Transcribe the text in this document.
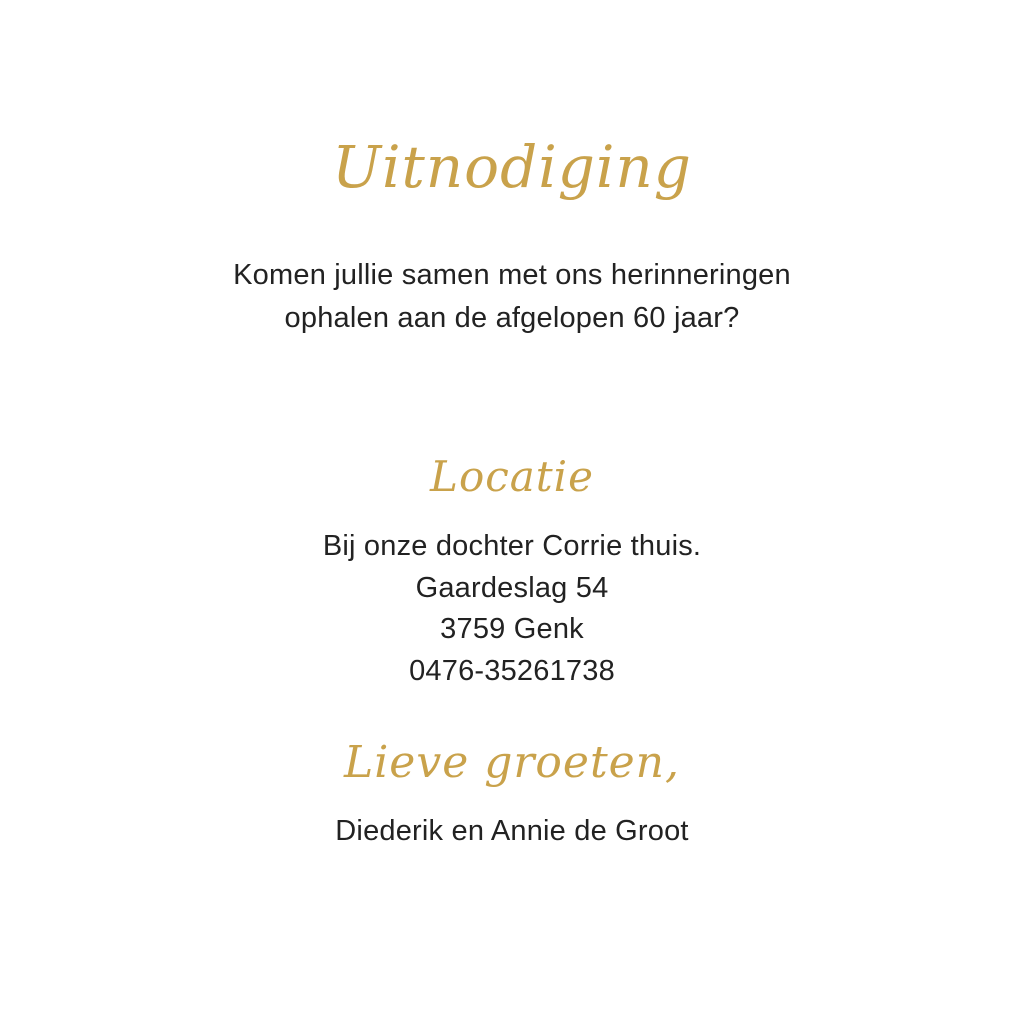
Uitnodiging
Komen jullie samen met ons herinneringen
ophalen aan de afgelopen 60 jaar?
Locatie
Bij onze dochter Corrie thuis.
Gaardeslag 54
3759 Genk
0476-35261738
Lieve groeten,
Diederik en Annie de Groot
